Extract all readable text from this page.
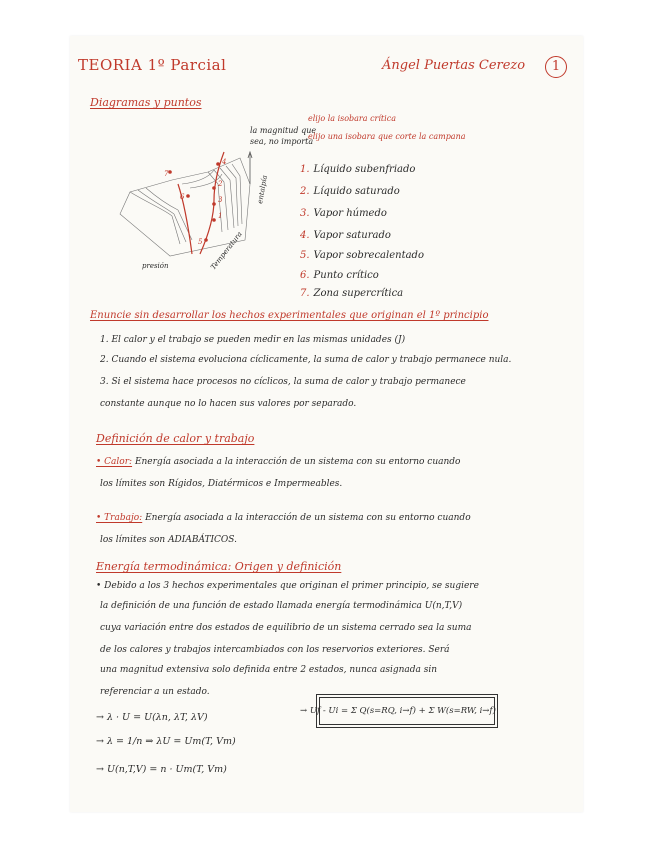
TEORIA 1º Parcial	Ángel Puertas Cerezo	1
Diagramas y puntos
elijo la isobara crítica
elijo una isobara que corte la campana
la magnitud que
sea, no importa
4
2
3
1
5
6
7
presión	Temperatura
entalpía
1. Líquido subenfriado
2. Líquido saturado
3. Vapor húmedo
4. Vapor saturado
5. Vapor sobrecalentado
6. Punto crítico
7. Zona supercrítica
Enuncie sin desarrollar los hechos experimentales que originan el 1º principio
1. El calor y el trabajo se pueden medir en las mismas unidades (J)
2. Cuando el sistema evoluciona cíclicamente, la suma de calor y trabajo permanece nula.
3. Si el sistema hace procesos no cíclicos, la suma de calor y trabajo permanece
constante aunque no lo hacen sus valores por separado.
Definición de calor y trabajo
• Calor: Energía asociada a la interacción de un sistema con su entorno cuando
los límites son Rígidos, Diatérmicos e Impermeables.
• Trabajo: Energía asociada a la interacción de un sistema con su entorno cuando
los límites son ADIABÁTICOS.
Energía termodinámica: Origen y definición
• Debido a los 3 hechos experimentales que originan el primer principio, se sugiere
la definición de una función de estado llamada energía termodinámica U(n,T,V)
cuya variación entre dos estados de equilibrio de un sistema cerrado sea la suma
de los calores y trabajos intercambiados con los reservorios exteriores. Será
una magnitud extensiva solo definida entre 2 estados, nunca asignada sin
referenciar a un estado.
→ λ · U = U(λn, λT, λV)
→ λ = 1/n ⇒ λU = Um(T, Vm)
→ U(n,T,V) = n · Um(T, Vm)
→ Uf - Ui = Σ Q(s=RQ, i→f) + Σ W(s=RW, i→f)
